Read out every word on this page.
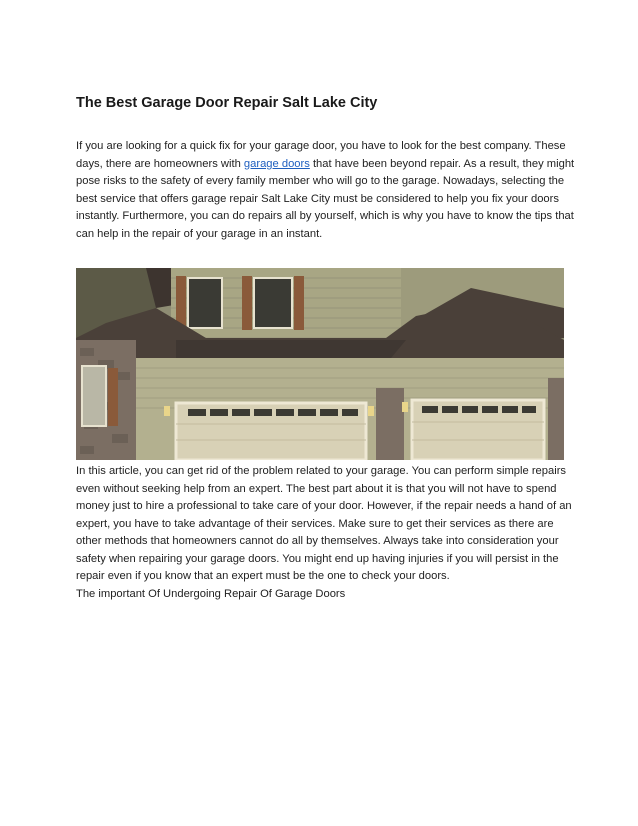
The Best Garage Door Repair Salt Lake City

If you are looking for a quick fix for your garage door, you have to look for the best company. These days, there are homeowners with garage doors that have been beyond repair. As a result, they might pose risks to the safety of every family member who will go to the garage. Nowadays, selecting the best service that offers garage repair Salt Lake City must be considered to help you fix your doors instantly. Furthermore, you can do repairs all by yourself, which is why you have to know the tips that can help in the repair of your garage in an instant.

In this article, you can get rid of the problem related to your garage. You can perform simple repairs even without seeking help from an expert. The best part about it is that you will not have to spend money just to hire a professional to take care of your door. However, if the repair needs a hand of an expert, you have to take advantage of their services. Make sure to get their services as there are other methods that homeowners cannot do all by themselves. Always take into consideration your safety when repairing your garage doors. You might end up having injuries if you will persist in the repair even if you know that an expert must be the one to check your doors.
The important Of Undergoing Repair Of Garage Doors
